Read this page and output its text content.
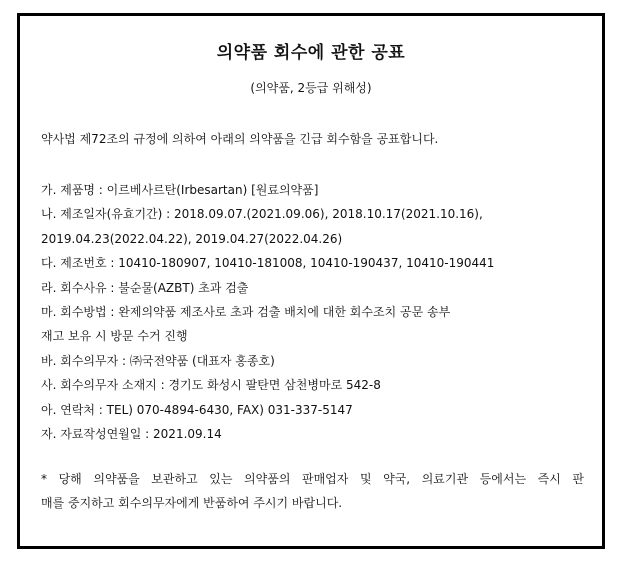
의약품 회수에 관한 공표
(의약품, 2등급 위해성)
약사법 제72조의 규정에 의하여 아래의 의약품을 긴급 회수함을 공표합니다.
가. 제품명 : 이르베사르탄(Irbesartan) [원료의약품]
나. 제조일자(유효기간) : 2018.09.07.(2021.09.06), 2018.10.17(2021.10.16),
2019.04.23(2022.04.22), 2019.04.27(2022.04.26)
다. 제조번호 : 10410-180907, 10410-181008, 10410-190437, 10410-190441
라. 회수사유 : 불순물(AZBT) 초과 검출
마. 회수방법 : 완제의약품 제조사로 초과 검출 배치에 대한 회수조치 공문 송부
재고 보유 시 방문 수거 진행
바. 회수의무자 : ㈜국전약품 (대표자 홍종호)
사. 회수의무자 소재지 : 경기도 화성시 팔탄면 삼천병마로 542-8
아. 연락처 : TEL) 070-4894-6430, FAX) 031-337-5147
자. 자료작성연월일 : 2021.09.14
* 당해 의약품을 보관하고 있는 의약품의 판매업자 및 약국, 의료기관 등에서는 즉시 판
매를 중지하고 회수의무자에게 반품하여 주시기 바랍니다.
